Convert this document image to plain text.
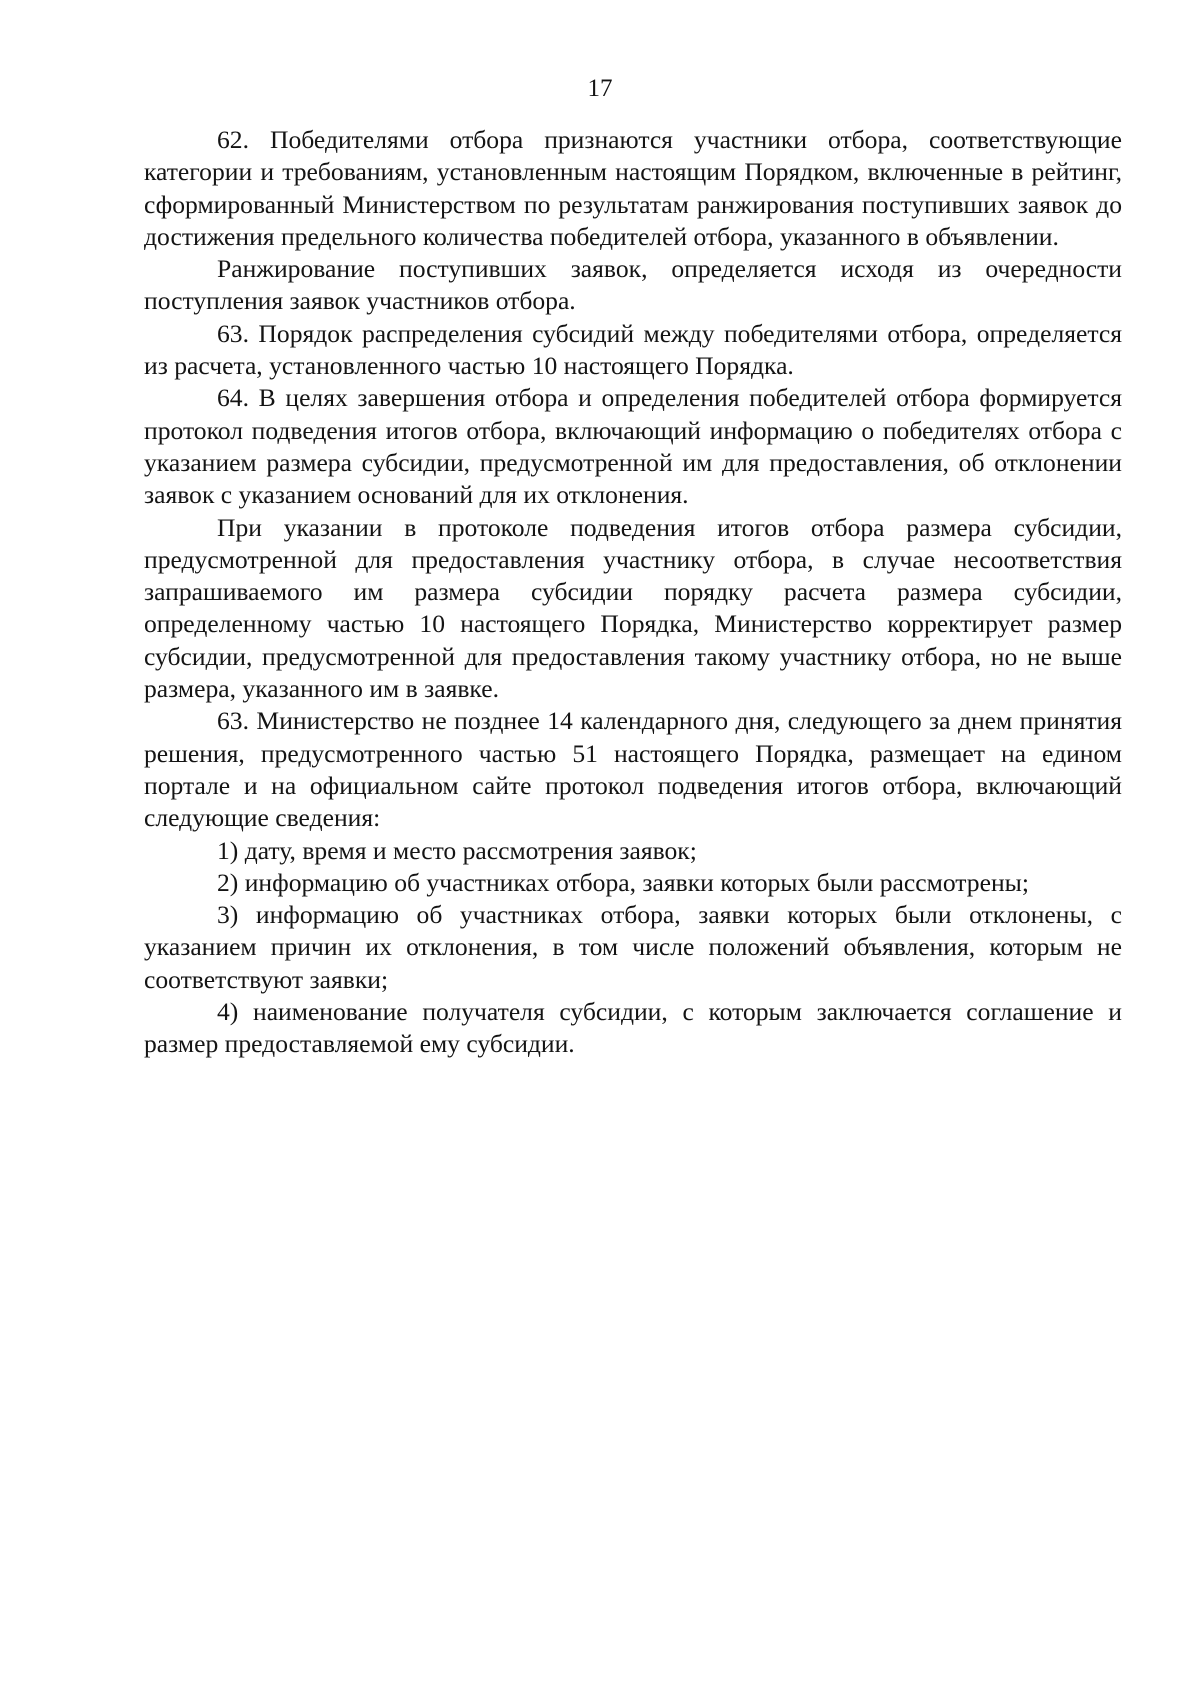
17

62. Победителями отбора признаются участники отбора, соответствующие категории и требованиям, установленным настоящим Порядком, включенные в рейтинг, сформированный Министерством по результатам ранжирования поступивших заявок до достижения предельного количества победителей отбора, указанного в объявлении.

Ранжирование поступивших заявок, определяется исходя из очередности поступления заявок участников отбора.

63. Порядок распределения субсидий между победителями отбора, определяется из расчета, установленного частью 10 настоящего Порядка.

64. В целях завершения отбора и определения победителей отбора формируется протокол подведения итогов отбора, включающий информацию о победителях отбора с указанием размера субсидии, предусмотренной им для предоставления, об отклонении заявок с указанием оснований для их отклонения.

При указании в протоколе подведения итогов отбора размера субсидии, предусмотренной для предоставления участнику отбора, в случае несоответствия запрашиваемого им размера субсидии порядку расчета размера субсидии, определенному частью 10 настоящего Порядка, Министерство корректирует размер субсидии, предусмотренной для предоставления такому участнику отбора, но не выше размера, указанного им в заявке.

63. Министерство не позднее 14 календарного дня, следующего за днем принятия решения, предусмотренного частью 51 настоящего Порядка, размещает на едином портале и на официальном сайте протокол подведения итогов отбора, включающий следующие сведения:

1) дату, время и место рассмотрения заявок;

2) информацию об участниках отбора, заявки которых были рассмотрены;

3) информацию об участниках отбора, заявки которых были отклонены, с указанием причин их отклонения, в том числе положений объявления, которым не соответствуют заявки;

4) наименование получателя субсидии, с которым заключается соглашение и размер предоставляемой ему субсидии.
